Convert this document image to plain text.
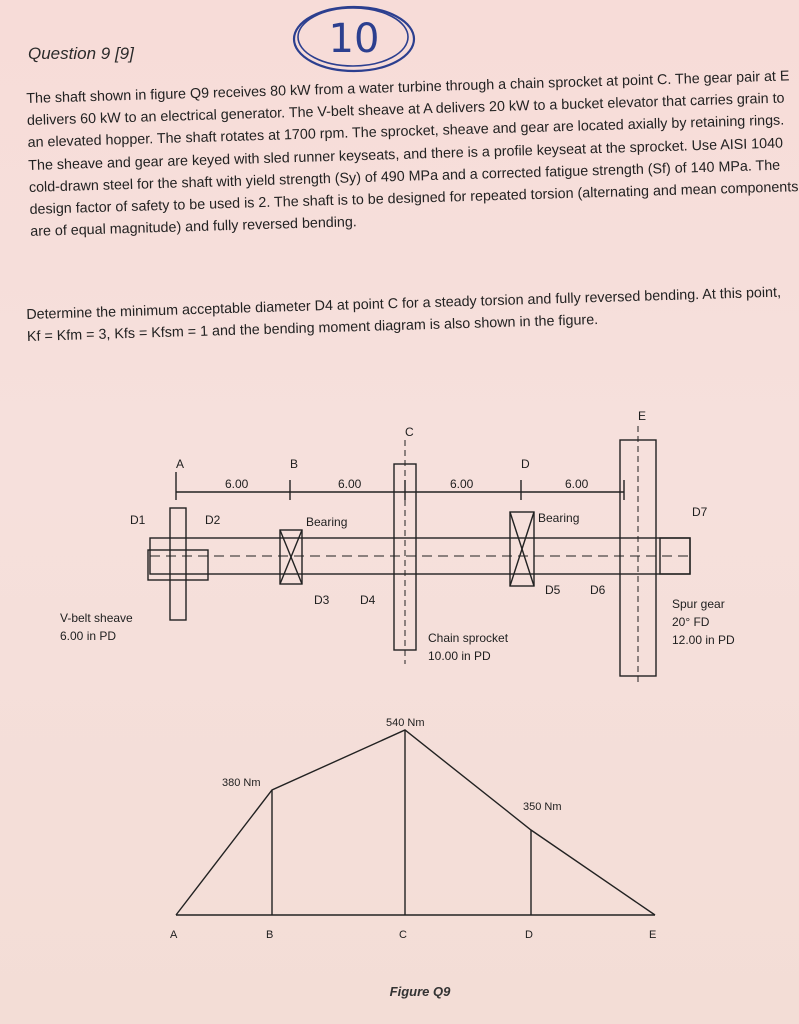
Question 9 [9]	10

The shaft shown in figure Q9 receives 80 kW from a water turbine through a chain sprocket at point C. The gear pair at E delivers 60 kW to an electrical generator. The V-belt sheave at A delivers 20 kW to a bucket elevator that carries grain to an elevated hopper. The shaft rotates at 1700 rpm. The sprocket, sheave and gear are located axially by retaining rings. The sheave and gear are keyed with sled runner keyseats, and there is a profile keyseat at the sprocket. Use AISI 1040 cold-drawn steel for the shaft with yield strength (Sy) of 490 MPa and a corrected fatigue strength (Sf) of 140 MPa. The design factor of safety to be used is 2. The shaft is to be designed for repeated torsion (alternating and mean components are of equal magnitude) and fully reversed bending.

Determine the minimum acceptable diameter D4 at point C for a steady torsion and fully reversed bending. At this point, Kf = Kfm = 3, Kfs = Kfsm = 1 and the bending moment diagram is also shown in the figure.

A	B
C
D
E
6.00	6.00	6.00	6.00
D1	D2
D3	D4
D5 D6
D7
Bearing	Bearing
V-belt sheave
6.00 in PD	Chain sprocket
10.00 in PD
Spur gear
20° FD
12.00 in PD
540 Nm
380 Nm
350 Nm
A	B	C	D	E
Figure Q9
